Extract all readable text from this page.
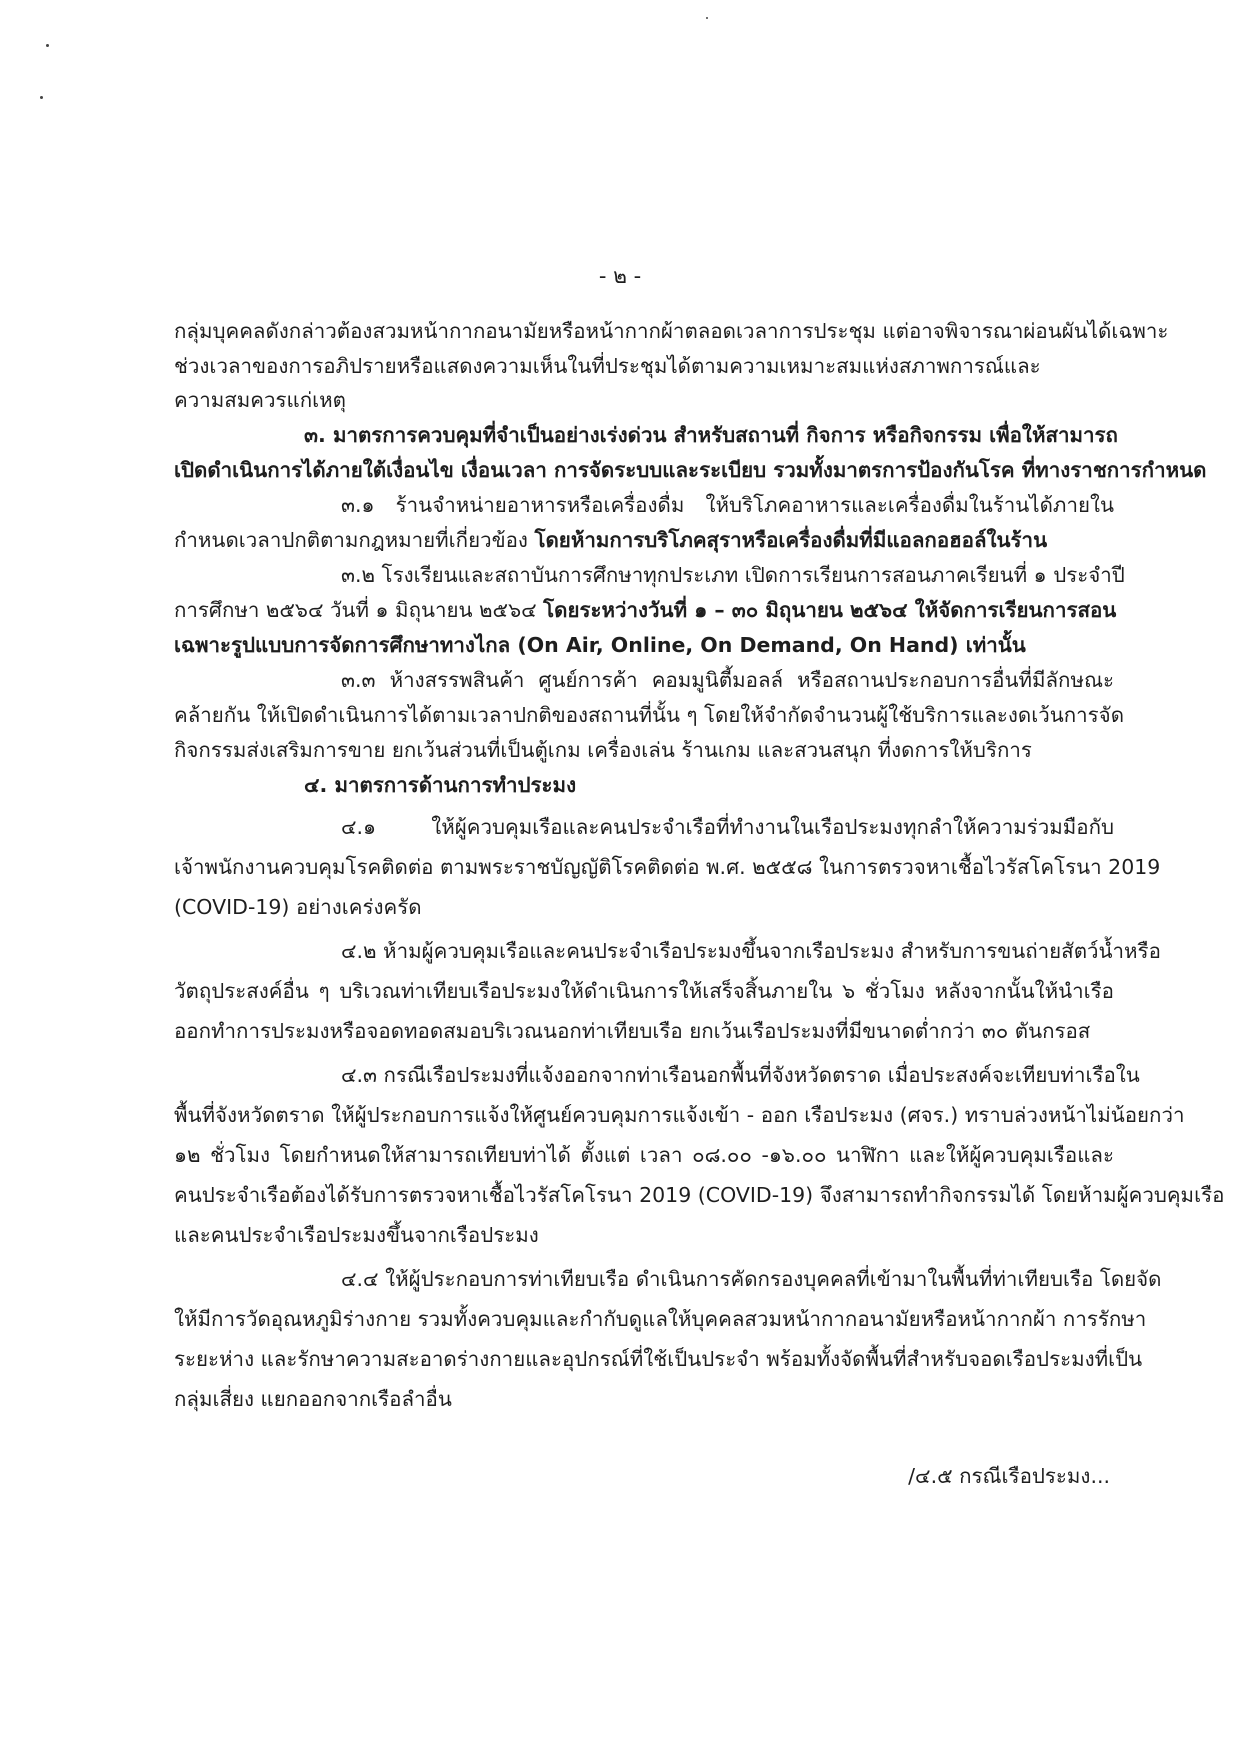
- ๒ -
กลุ่มบุคคลดังกล่าวต้องสวมหน้ากากอนามัยหรือหน้ากากผ้าตลอดเวลาการประชุม แต่อาจพิจารณาผ่อนผันได้เฉพาะ
ช่วงเวลาของการอภิปรายหรือแสดงความเห็นในที่ประชุมได้ตามความเหมาะสมแห่งสภาพการณ์และ
ความสมควรแก่เหตุ
๓. มาตรการควบคุมที่จำเป็นอย่างเร่งด่วน สำหรับสถานที่ กิจการ หรือกิจกรรม เพื่อให้สามารถ
เปิดดำเนินการได้ภายใต้เงื่อนไข เงื่อนเวลา การจัดระบบและระเบียบ รวมทั้งมาตรการป้องกันโรค ที่ทางราชการกำหนด
๓.๑ ร้านจำหน่ายอาหารหรือเครื่องดื่ม ให้บริโภคอาหารและเครื่องดื่มในร้านได้ภายใน
กำหนดเวลาปกติตามกฎหมายที่เกี่ยวข้อง โดยห้ามการบริโภคสุราหรือเครื่องดื่มที่มีแอลกอฮอล์ในร้าน
๓.๒ โรงเรียนและสถาบันการศึกษาทุกประเภท เปิดการเรียนการสอนภาคเรียนที่ ๑ ประจำปี
การศึกษา ๒๕๖๔ วันที่ ๑ มิถุนายน ๒๕๖๔ โดยระหว่างวันที่ ๑ – ๓๐ มิถุนายน ๒๕๖๔ ให้จัดการเรียนการสอน
เฉพาะรูปแบบการจัดการศึกษาทางไกล (On Air, Online, On Demand, On Hand) เท่านั้น
๓.๓ ห้างสรรพสินค้า ศูนย์การค้า คอมมูนิตี้มอลล์ หรือสถานประกอบการอื่นที่มีลักษณะ
คล้ายกัน ให้เปิดดำเนินการได้ตามเวลาปกติของสถานที่นั้น ๆ โดยให้จำกัดจำนวนผู้ใช้บริการและงดเว้นการจัด
กิจกรรมส่งเสริมการขาย ยกเว้นส่วนที่เป็นตู้เกม เครื่องเล่น ร้านเกม และสวนสนุก ที่งดการให้บริการ
๔. มาตรการด้านการทำประมง
๔.๑ ให้ผู้ควบคุมเรือและคนประจำเรือที่ทำงานในเรือประมงทุกลำให้ความร่วมมือกับ
เจ้าพนักงานควบคุมโรคติดต่อ ตามพระราชบัญญัติโรคติดต่อ พ.ศ. ๒๕๕๘ ในการตรวจหาเชื้อไวรัสโคโรนา 2019
(COVID-19) อย่างเคร่งครัด
๔.๒ ห้ามผู้ควบคุมเรือและคนประจำเรือประมงขึ้นจากเรือประมง สำหรับการขนถ่ายสัตว์น้ำหรือ
วัตถุประสงค์อื่น ๆ บริเวณท่าเทียบเรือประมงให้ดำเนินการให้เสร็จสิ้นภายใน ๖ ชั่วโมง หลังจากนั้นให้นำเรือ
ออกทำการประมงหรือจอดทอดสมอบริเวณนอกท่าเทียบเรือ ยกเว้นเรือประมงที่มีขนาดต่ำกว่า ๓๐ ตันกรอส
๔.๓ กรณีเรือประมงที่แจ้งออกจากท่าเรือนอกพื้นที่จังหวัดตราด เมื่อประสงค์จะเทียบท่าเรือใน
พื้นที่จังหวัดตราด ให้ผู้ประกอบการแจ้งให้ศูนย์ควบคุมการแจ้งเข้า - ออก เรือประมง (ศจร.) ทราบล่วงหน้าไม่น้อยกว่า
๑๒ ชั่วโมง โดยกำหนดให้สามารถเทียบท่าได้ ตั้งแต่ เวลา ๐๘.๐๐ -๑๖.๐๐ นาฬิกา และให้ผู้ควบคุมเรือและ
คนประจำเรือต้องได้รับการตรวจหาเชื้อไวรัสโคโรนา 2019 (COVID-19) จึงสามารถทำกิจกรรมได้ โดยห้ามผู้ควบคุมเรือ
และคนประจำเรือประมงขึ้นจากเรือประมง
๔.๔ ให้ผู้ประกอบการท่าเทียบเรือ ดำเนินการคัดกรองบุคคลที่เข้ามาในพื้นที่ท่าเทียบเรือ โดยจัด
ให้มีการวัดอุณหภูมิร่างกาย รวมทั้งควบคุมและกำกับดูแลให้บุคคลสวมหน้ากากอนามัยหรือหน้ากากผ้า การรักษา
ระยะห่าง และรักษาความสะอาดร่างกายและอุปกรณ์ที่ใช้เป็นประจำ พร้อมทั้งจัดพื้นที่สำหรับจอดเรือประมงที่เป็น
กลุ่มเสี่ยง แยกออกจากเรือลำอื่น
/๔.๕ กรณีเรือประมง...
